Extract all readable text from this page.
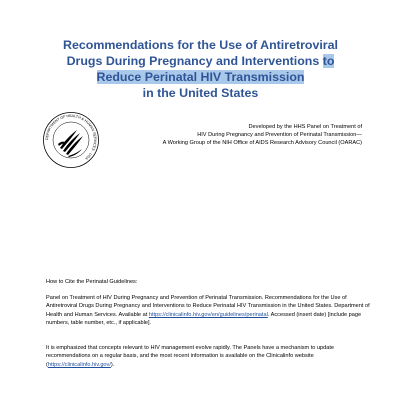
Recommendations for the Use of Antiretroviral
Drugs During Pregnancy and Interventions to
Reduce Perinatal HIV Transmission
in the United States
DEPARTMENT OF HEALTH & HUMAN SERVICES · USA
Developed by the HHS Panel on Treatment of
HIV During Pregnancy and Prevention of Perinatal Transmission—
A Working Group of the NIH Office of AIDS Research Advisory Council (OARAC)
How to Cite the Perinatal Guidelines:
Panel on Treatment of HIV During Pregnancy and Prevention of Perinatal Transmission. Recommendations for the Use of Antiretroviral Drugs During Pregnancy and Interventions to Reduce Perinatal HIV Transmission in the United States. Department of Health and Human Services. Available at https://clinicalinfo.hiv.gov/en/guidelines/perinatal. Accessed (insert date) [include page numbers, table number, etc., if applicable].
It is emphasized that concepts relevant to HIV management evolve rapidly. The Panels have a mechanism to update recommendations on a regular basis, and the most recent information is available on the Clinicalinfo website (https://clinicalinfo.hiv.gov/).
